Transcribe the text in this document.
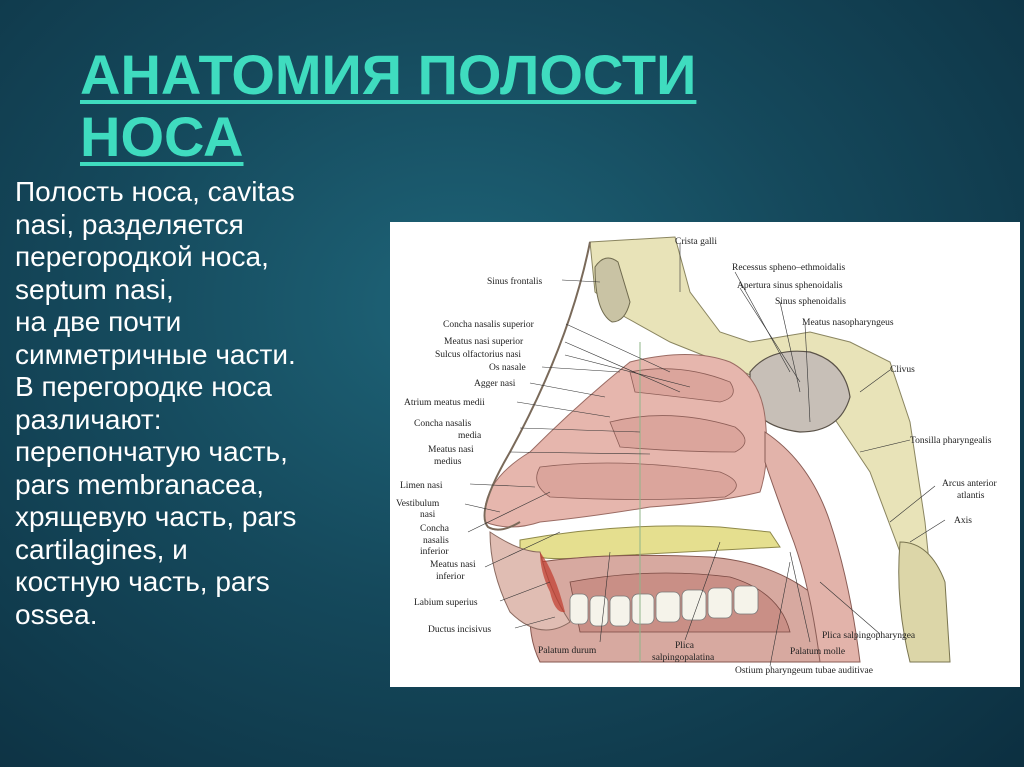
АНАТОМИЯ ПОЛОСТИ
НОСА
Полость носа, cavitas
nasi, разделяется
перегородкой носа,
septum nasi,
на две почти
симметричные части.
В перегородке носа
различают:
перепончатую часть,
pars membranacea,
хрящевую часть, pars
cartilagines, и
костную часть, pars
ossea.
Crista galli
Sinus frontalis
Recessus spheno–ethmoidalis
Apertura sinus sphenoidalis
Sinus sphenoidalis
Meatus nasopharyngeus
Concha nasalis superior
Meatus nasi superior
Sulcus olfactorius nasi
Os nasale
Agger nasi
Atrium meatus medii
Concha nasalis
media
Meatus nasi
medius
Clivus
Tonsilla pharyngealis
Limen nasi
Vestibulum
nasi
Arcus anterior
atlantis
Concha
nasalis
inferior
Axis
Meatus nasi
inferior
Labium superius
Ductus incisivus
Plica salpingopharyngea
Palatum durum	Plica
salpingopalatina
Palatum molle
Ostium pharyngeum tubae auditivae
